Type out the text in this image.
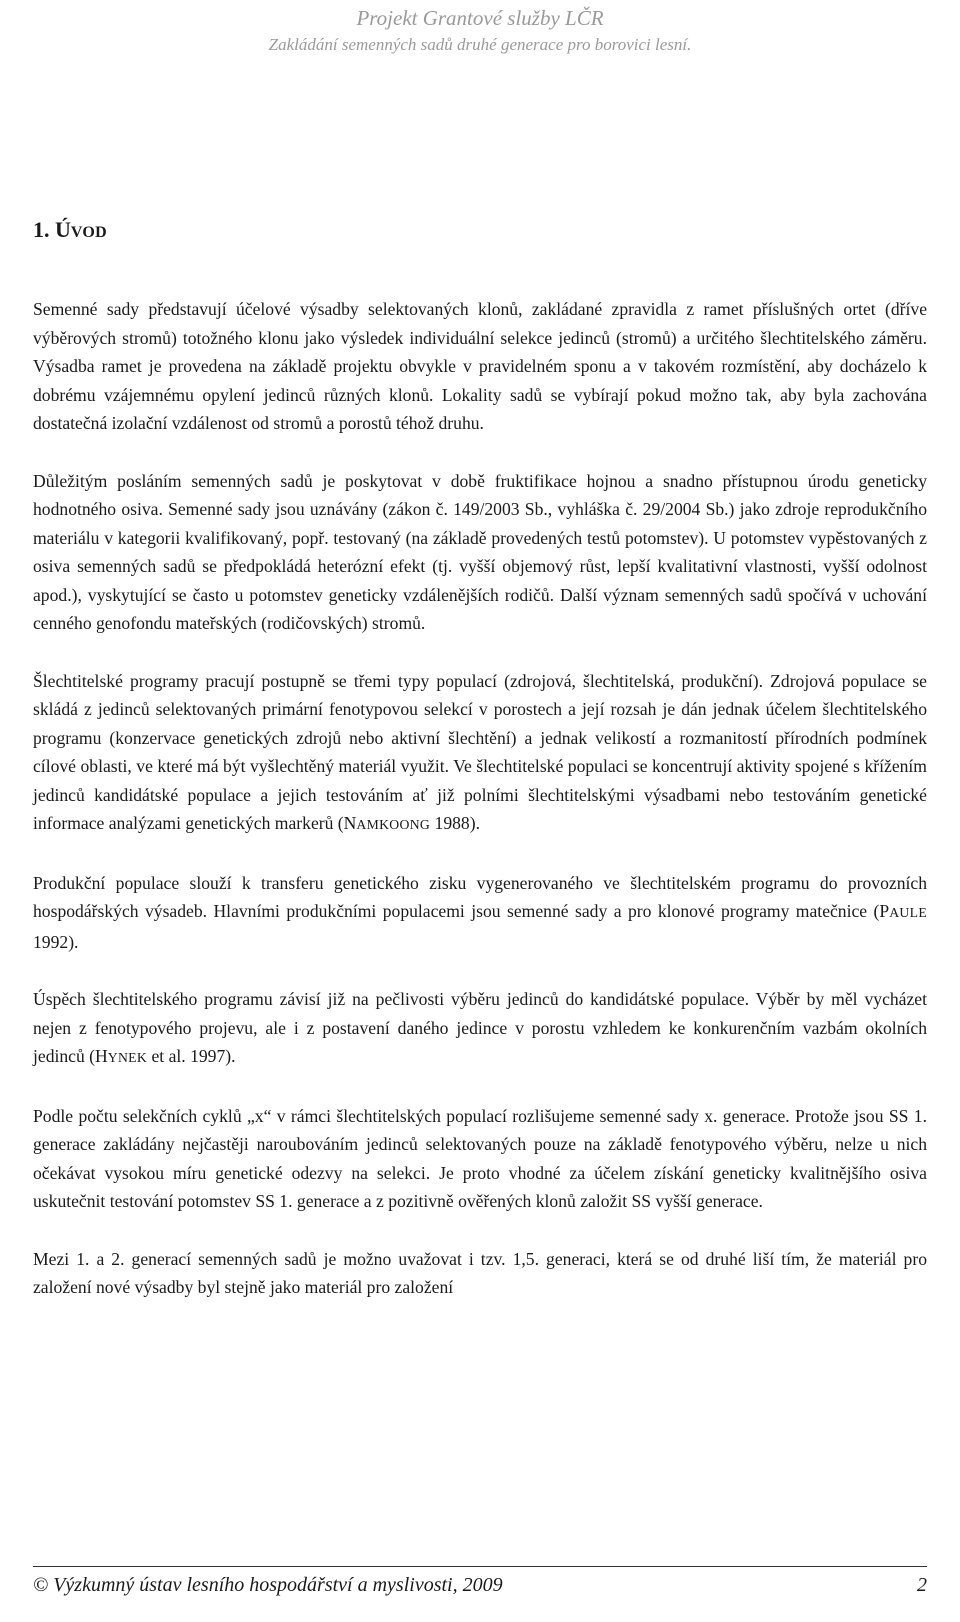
Projekt Grantové služby LČR
Zakládání semenných sadů druhé generace pro borovici lesní.
1. ÚVOD

Semenné sady představují účelové výsadby selektovaných klonů, zakládané zpravidla z ramet příslušných ortet (dříve výběrových stromů) totožného klonu jako výsledek individuální selekce jedinců (stromů) a určitého šlechtitelského záměru. Výsadba ramet je provedena na základě projektu obvykle v pravidelném sponu a v takovém rozmístění, aby docházelo k dobrému vzájemnému opylení jedinců různých klonů. Lokality sadů se vybírají pokud možno tak, aby byla zachována dostatečná izolační vzdálenost od stromů a porostů téhož druhu.

Důležitým posláním semenných sadů je poskytovat v době fruktifikace hojnou a snadno přístupnou úrodu geneticky hodnotného osiva. Semenné sady jsou uznávány (zákon č. 149/2003 Sb., vyhláška č. 29/2004 Sb.) jako zdroje reprodukčního materiálu v kategorii kvalifikovaný, popř. testovaný (na základě provedených testů potomstev). U potomstev vypěstovaných z osiva semenných sadů se předpokládá heterózní efekt (tj. vyšší objemový růst, lepší kvalitativní vlastnosti, vyšší odolnost apod.), vyskytující se často u potomstev geneticky vzdálenějších rodičů. Další význam semenných sadů spočívá v uchování cenného genofondu mateřských (rodičovských) stromů.

Šlechtitelské programy pracují postupně se třemi typy populací (zdrojová, šlechtitelská, produkční). Zdrojová populace se skládá z jedinců selektovaných primární fenotypovou selekcí v porostech a její rozsah je dán jednak účelem šlechtitelského programu (konzervace genetických zdrojů nebo aktivní šlechtění) a jednak velikostí a rozmanitostí přírodních podmínek cílové oblasti, ve které má být vyšlechtěný materiál využit. Ve šlechtitelské populaci se koncentrují aktivity spojené s křížením jedinců kandidátské populace a jejich testováním ať již polními šlechtitelskými výsadbami nebo testováním genetické informace analýzami genetických markerů (NAMKOONG 1988).

Produkční populace slouží k transferu genetického zisku vygenerovaného ve šlechtitelském programu do provozních hospodářských výsadeb. Hlavními produkčními populacemi jsou semenné sady a pro klonové programy matečnice (PAULE 1992).

Úspěch šlechtitelského programu závisí již na pečlivosti výběru jedinců do kandidátské populace. Výběr by měl vycházet nejen z fenotypového projevu, ale i z postavení daného jedince v porostu vzhledem ke konkurenčním vazbám okolních jedinců (HYNEK et al. 1997).

Podle počtu selekčních cyklů „x“ v rámci šlechtitelských populací rozlišujeme semenné sady x. generace. Protože jsou SS 1. generace zakládány nejčastěji naroubováním jedinců selektovaných pouze na základě fenotypového výběru, nelze u nich očekávat vysokou míru genetické odezvy na selekci. Je proto vhodné za účelem získání geneticky kvalitnějšího osiva uskutečnit testování potomstev SS 1. generace a z pozitivně ověřených klonů založit SS vyšší generace.

Mezi 1. a 2. generací semenných sadů je možno uvažovat i tzv. 1,5. generaci, která se od druhé liší tím, že materiál pro založení nové výsadby byl stejně jako materiál pro založení

© Výzkumný ústav lesního hospodářství a myslivosti, 2009	2
